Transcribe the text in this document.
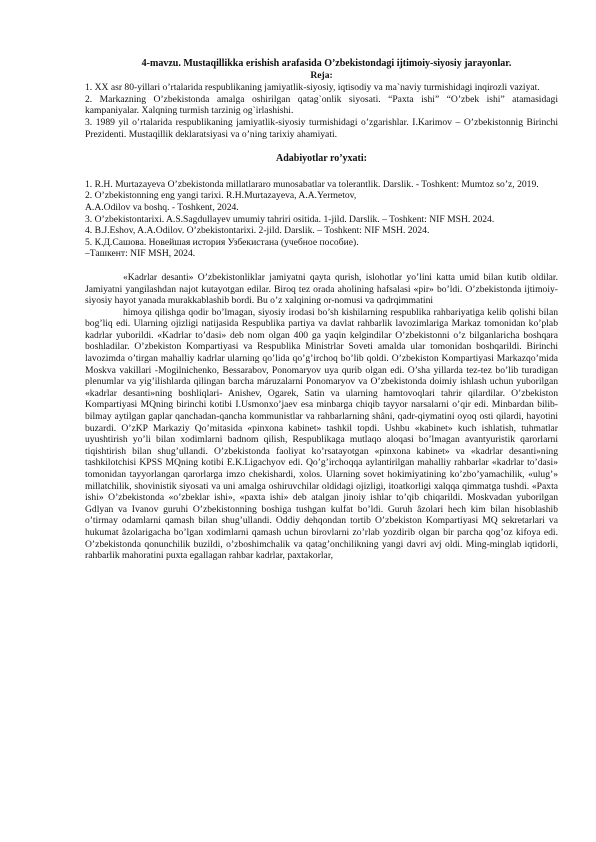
4-mavzu. Mustaqillikka erishish arafasida O’zbekistondagi ijtimoiy-siyosiy jarayonlar.

Reja:

1. XX asr 80-yillari o’rtalarida respublikaning jamiyatlik-siyosiy, iqtisodiy va ma`naviy turmishidagi inqirozli vaziyat.

2. Markazning O’zbekistonda amalga oshirilgan qatag`onlik siyosati. “Paxta ishi” “O’zbek ishi” atamasidagi kampaniyalar. Xalqning turmish tarzinig og`irlashishi.

3. 1989 yil o’rtalarida respublikaning jamiyatlik-siyosiy turmishidagi o’zgarishlar. I.Karimov – O’zbekistonnig Birinchi Prezidenti. Mustaqillik deklaratsiyasi va o’ning tarixiy ahamiyati.

Adabiyotlar ro’yxati:

1. R.H. Murtazayeva O’zbekistonda millatlararo munosabatlar va tolerantlik. Darslik. - Toshkent: Mumtoz so’z, 2019.

2. O’zbekistonning eng yangi tarixi. R.H.Murtazayeva, A.A.Yermetov,

A.A.Odilov va boshq. - Toshkent, 2024.

3. O’zbekistontarixi. A.S.Sagdullayev umumiy tahriri ositida. 1-jild. Darslik. – Toshkent: NIF MSH. 2024.

4. B.J.Eshov, A.A.Odilov. O’zbekistontarixi. 2-jild. Darslik. – Toshkent: NIF MSH. 2024.

5. К.Д.Сашова. Новейшая история Узбекистана (учебное пособие).

–Ташкент: NIF MSH, 2024.

«Kadrlar desanti» O’zbekistonliklar jamiyatni qayta qurish, islohotlar yo’lini katta umid bilan kutib oldilar. Jamiyatni yangilashdan najot kutayotgan edilar. Biroq tez orada aholining hafsalasi «pir» bo’ldi. O’zbekistonda ijtimoiy-siyosiy hayot yanada murakkablashib bordi. Bu o’z xalqining or-nomusi va qadrqimmatini

himoya qilishga qodir bo’lmagan, siyosiy irodasi bo’sh kishilarning respublika rahbariyatiga kelib qolishi bilan bog’liq edi. Ularning ojizligi natijasida Respublika partiya va davlat rahbarlik lavozimlariga Markaz tomonidan ko’plab kadrlar yuborildi. «Kadrlar to’dasi» deb nom olgan 400 ga yaqin kelgindilar O’zbekistonni o’z bilganlaricha boshqara boshladilar. O’zbekiston Kompartiyasi va Respublika Ministrlar Soveti amalda ular tomonidan boshqarildi. Birinchi lavozimda o’tirgan mahalliy kadrlar ularning qo’lida qo’g’irchoq bo’lib qoldi. O’zbekiston Kompartiyasi Markazqo’mida Moskva vakillari -Mogilnichenko, Bessarabov, Ponomaryov uya qurib olgan edi. O’sha yillarda tez-tez bo’lib turadigan plenumlar va yig’ilishlarda qilingan barcha máruzalarni Ponomaryov va O’zbekistonda doimiy ishlash uchun yuborilgan «kadrlar desanti»ning boshliqlari- Anishev, Ogarek, Satin va ularning hamtovoqlari tahrir qilardilar. O’zbekiston Kompartiyasi MQning birinchi kotibi I.Usmonxo’jaev esa minbarga chiqib tayyor narsalarni o’qir edi. Minbardan bilib-bilmay aytilgan gaplar qanchadan-qancha kommunistlar va rahbarlarning shâni, qadr-qiymatini oyoq osti qilardi, hayotini buzardi. O’zKP Markaziy Qo’mitasida «pinxona kabinet» tashkil topdi. Ushbu «kabinet» kuch ishlatish, tuhmatlar uyushtirish yo’li bilan xodimlarni badnom qilish, Respublikaga mutlaqo aloqasi bo’lmagan avantyuristik qarorlarni tiqishtirish bilan shug’ullandi. O’zbekistonda faoliyat ko’rsatayotgan «pinxona kabinet» va «kadrlar desanti»ning tashkilotchisi KPSS MQning kotibi E.K.Ligachyov edi. Qo’g’irchoqqa aylantirilgan mahalliy rahbarlar «kadrlar to’dasi» tomonidan tayyorlangan qarorlarga imzo chekishardi, xolos. Ularning sovet hokimiyatining ko’zbo’yamachilik, «ulug’» millatchilik, shovinistik siyosati va uni amalga oshiruvchilar oldidagi ojizligi, itoatkorligi xalqqa qimmatga tushdi. «Paxta ishi» O’zbekistonda «o’zbeklar ishi», «paxta ishi» deb atalgan jinoiy ishlar to’qib chiqarildi. Moskvadan yuborilgan Gdlyan va Ivanov guruhi O’zbekistonning boshiga tushgan kulfat bo’ldi. Guruh âzolari hech kim bilan hisoblashib o’tirmay odamlarni qamash bilan shug’ullandi. Oddiy dehqondan tortib O’zbekiston Kompartiyasi MQ sekretarlari va hukumat âzolarigacha bo’lgan xodimlarni qamash uchun birovlarni zo’rlab yozdirib olgan bir parcha qog’oz kifoya edi. O’zbekistonda qonunchilik buzildi, o’zboshimchalik va qatag’onchilikning yangi davri avj oldi. Ming-minglab iqtidorli, rahbarlik mahoratini puxta egallagan rahbar kadrlar, paxtakorlar,
